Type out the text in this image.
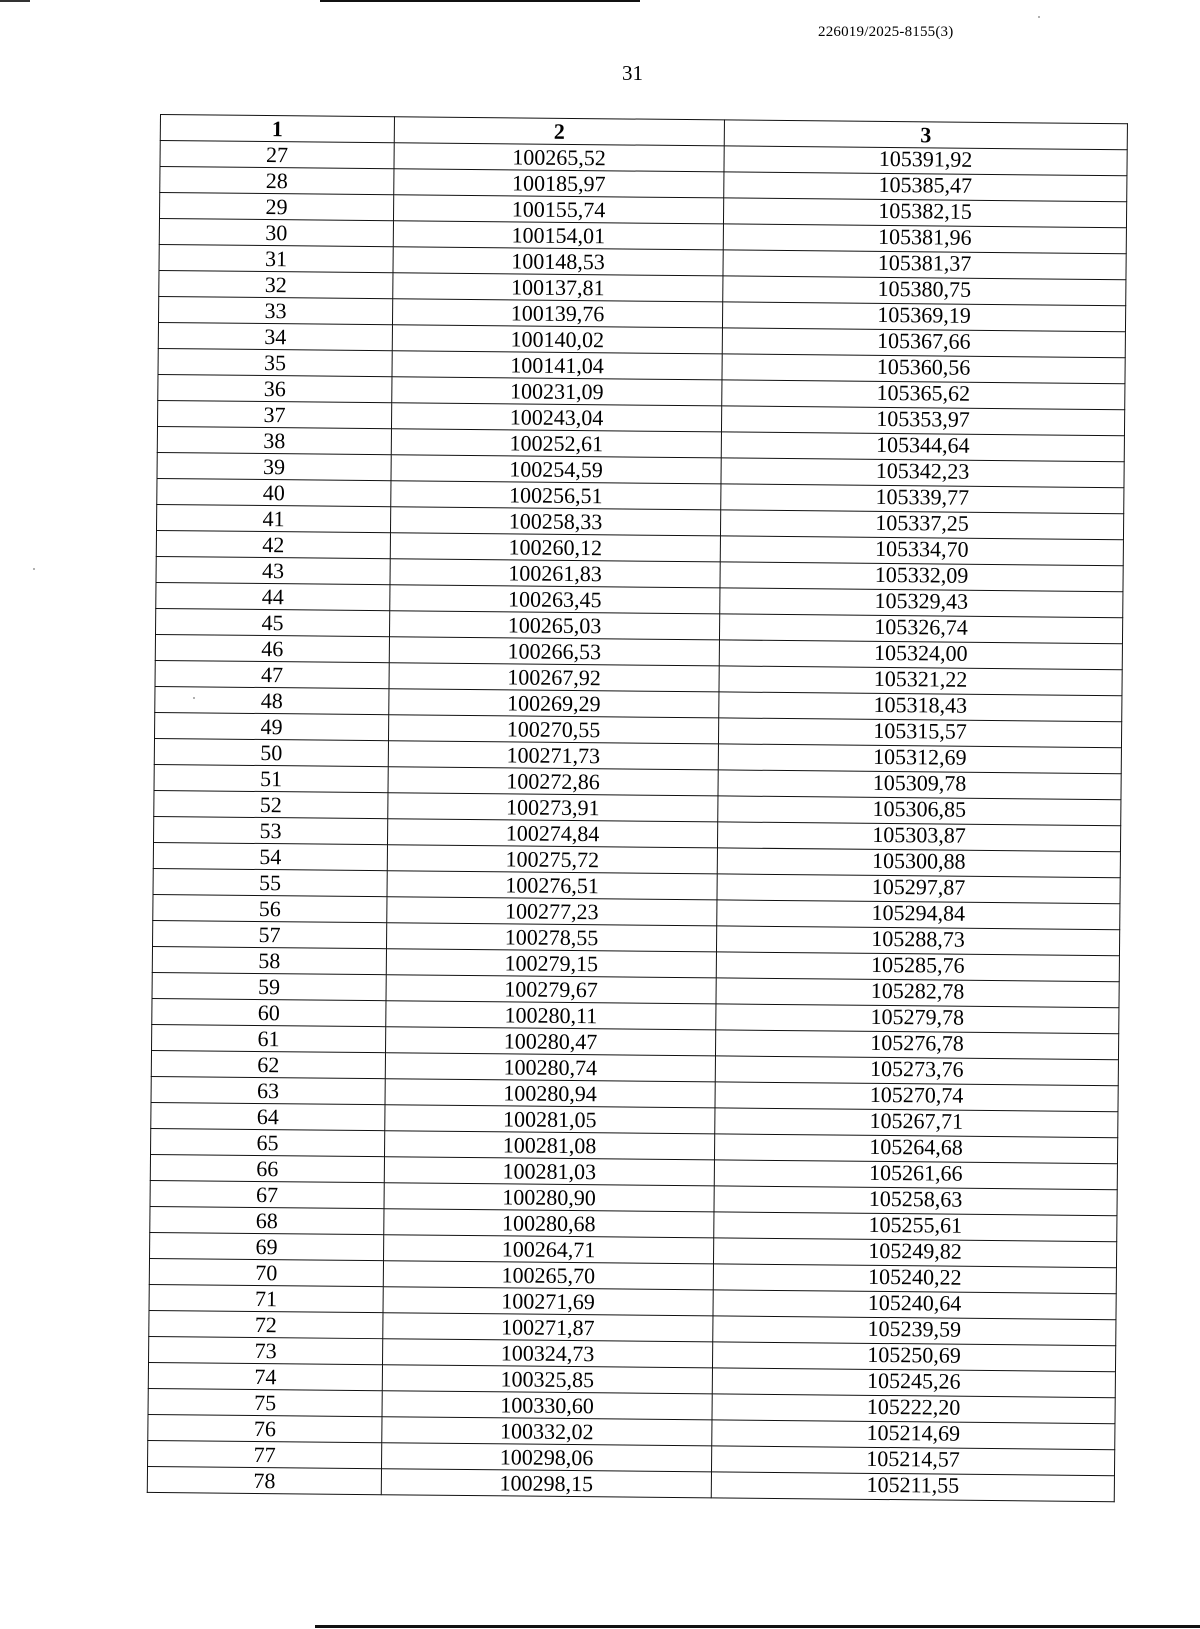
226019/2025-8155(3)
31
1	2	3
27	100265,52	105391,92
28	100185,97	105385,47
29	100155,74	105382,15
30	100154,01	105381,96
31	100148,53	105381,37
32	100137,81	105380,75
33	100139,76	105369,19
34	100140,02	105367,66
35	100141,04	105360,56
36	100231,09	105365,62
37	100243,04	105353,97
38	100252,61	105344,64
39	100254,59	105342,23
40	100256,51	105339,77
41	100258,33	105337,25
42	100260,12	105334,70
43	100261,83	105332,09
44	100263,45	105329,43
45	100265,03	105326,74
46	100266,53	105324,00
47	100267,92	105321,22
48	100269,29	105318,43
49	100270,55	105315,57
50	100271,73	105312,69
51	100272,86	105309,78
52	100273,91	105306,85
53	100274,84	105303,87
54	100275,72	105300,88
55	100276,51	105297,87
56	100277,23	105294,84
57	100278,55	105288,73
58	100279,15	105285,76
59	100279,67	105282,78
60	100280,11	105279,78
61	100280,47	105276,78
62	100280,74	105273,76
63	100280,94	105270,74
64	100281,05	105267,71
65	100281,08	105264,68
66	100281,03	105261,66
67	100280,90	105258,63
68	100280,68	105255,61
69	100264,71	105249,82
70	100265,70	105240,22
71	100271,69	105240,64
72	100271,87	105239,59
73	100324,73	105250,69
74	100325,85	105245,26
75	100330,60	105222,20
76	100332,02	105214,69
77	100298,06	105214,57
78	100298,15	105211,55
